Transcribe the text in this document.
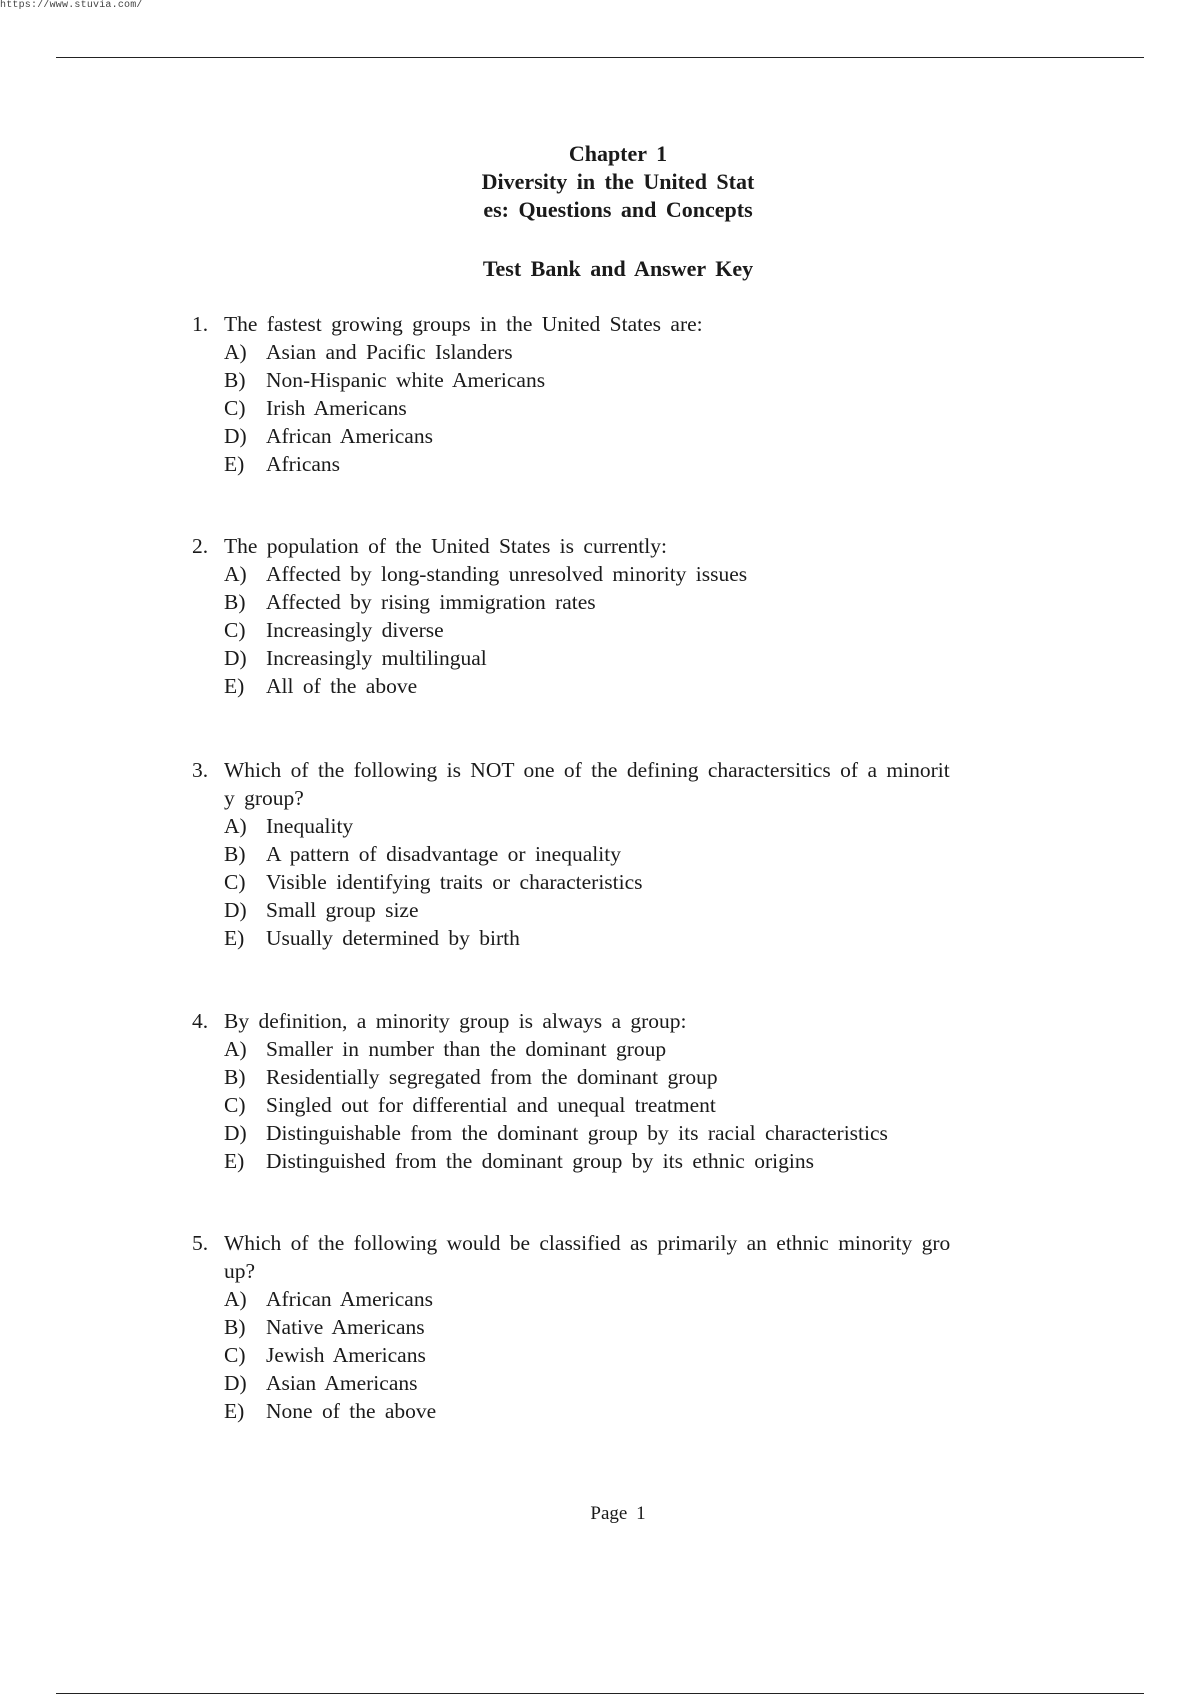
https://www.stuvia.com/
Chapter 1
Diversity in the United Stat
es: Questions and Concepts
Test Bank and Answer Key
1. The fastest growing groups in the United States are:
A) Asian and Pacific Islanders
B) Non-Hispanic white Americans
C) Irish Americans
D) African Americans
E) Africans
2. The population of the United States is currently:
A) Affected by long-standing unresolved minority issues
B) Affected by rising immigration rates
C) Increasingly diverse
D) Increasingly multilingual
E) All of the above
3. Which of the following is NOT one of the defining charactersitics of a minorit
y group?
A) Inequality
B) A pattern of disadvantage or inequality
C) Visible identifying traits or characteristics
D) Small group size
E) Usually determined by birth
4. By definition, a minority group is always a group:
A) Smaller in number than the dominant group
B) Residentially segregated from the dominant group
C) Singled out for differential and unequal treatment
D) Distinguishable from the dominant group by its racial characteristics
E) Distinguished from the dominant group by its ethnic origins
5. Which of the following would be classified as primarily an ethnic minority gro
up?
A) African Americans
B) Native Americans
C) Jewish Americans
D) Asian Americans
E) None of the above
Page 1
